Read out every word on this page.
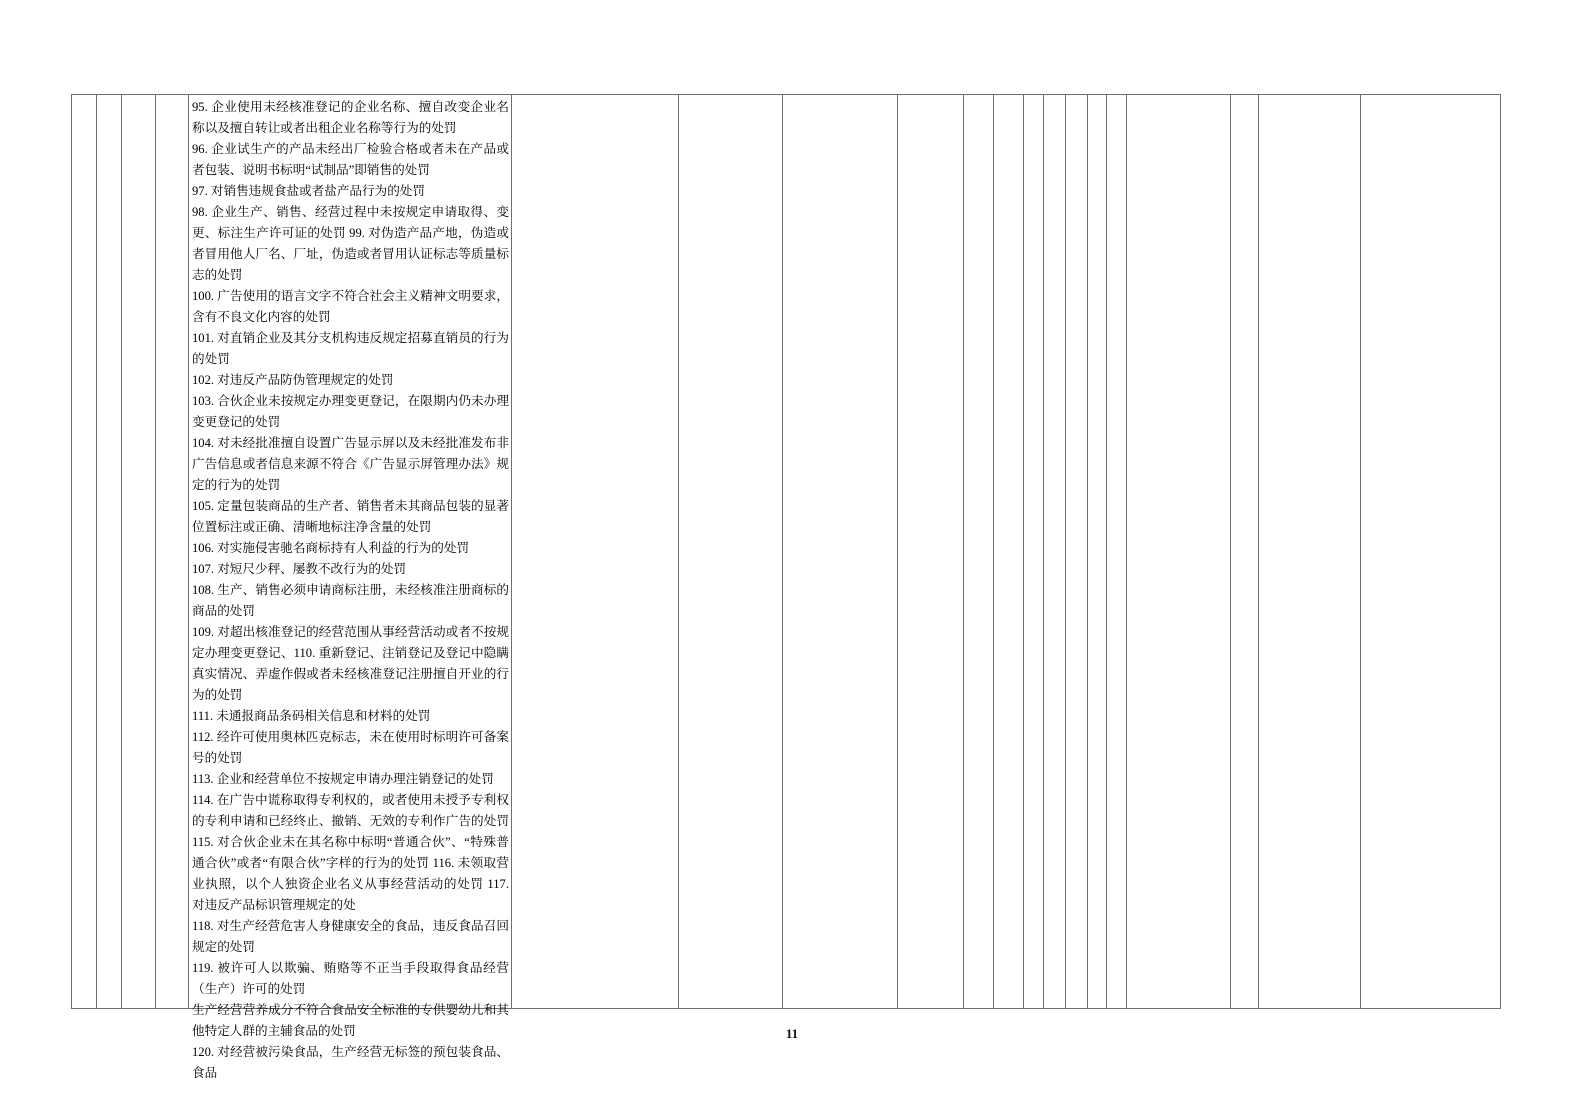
95. 企业使用未经核准登记的企业名称、擅自改变企业名称以及擅自转让或者出租企业名称等行为的处罚
96. 企业试生产的产品未经出厂检验合格或者未在产品或者包装、说明书标明“试制品”即销售的处罚
97. 对销售违规食盐或者盐产品行为的处罚
98. 企业生产、销售、经营过程中未按规定申请取得、变更、标注生产许可证的处罚 99. 对伪造产品产地，伪造或者冒用他人厂名、厂址，伪造或者冒用认证标志等质量标志的处罚
100. 广告使用的语言文字不符合社会主义精神文明要求，含有不良文化内容的处罚
101. 对直销企业及其分支机构违反规定招募直销员的行为的处罚
102. 对违反产品防伪管理规定的处罚
103. 合伙企业未按规定办理变更登记，在限期内仍未办理变更登记的处罚
104. 对未经批准擅自设置广告显示屏以及未经批准发布非广告信息或者信息来源不符合《广告显示屏管理办法》规定的行为的处罚
105. 定量包装商品的生产者、销售者未其商品包装的显著位置标注或正确、清晰地标注净含量的处罚
106. 对实施侵害驰名商标持有人利益的行为的处罚
107. 对短尺少秤、屡教不改行为的处罚
108. 生产、销售必须申请商标注册，未经核准注册商标的商品的处罚
109. 对超出核准登记的经营范围从事经营活动或者不按规定办理变更登记、110. 重新登记、注销登记及登记中隐瞒真实情况、弄虚作假或者未经核准登记注册擅自开业的行为的处罚
111. 未通报商品条码相关信息和材料的处罚
112. 经许可使用奥林匹克标志，未在使用时标明许可备案号的处罚
113. 企业和经营单位不按规定申请办理注销登记的处罚
114. 在广告中谎称取得专利权的，或者使用未授予专利权的专利申请和已经终止、撤销、无效的专利作广告的处罚 115. 对合伙企业未在其名称中标明“普通合伙”、“特殊普通合伙”或者“有限合伙”字样的行为的处罚 116. 未领取营业执照，以个人独资企业名义从事经营活动的处罚 117. 对违反产品标识管理规定的处
118. 对生产经营危害人身健康安全的食品，违反食品召回规定的处罚
119. 被许可人以欺骗、贿赂等不正当手段取得食品经营（生产）许可的处罚
生产经营营养成分不符合食品安全标准的专供婴幼儿和其他特定人群的主辅食品的处罚
120. 对经营被污染食品，生产经营无标签的预包装食品、食品
11
